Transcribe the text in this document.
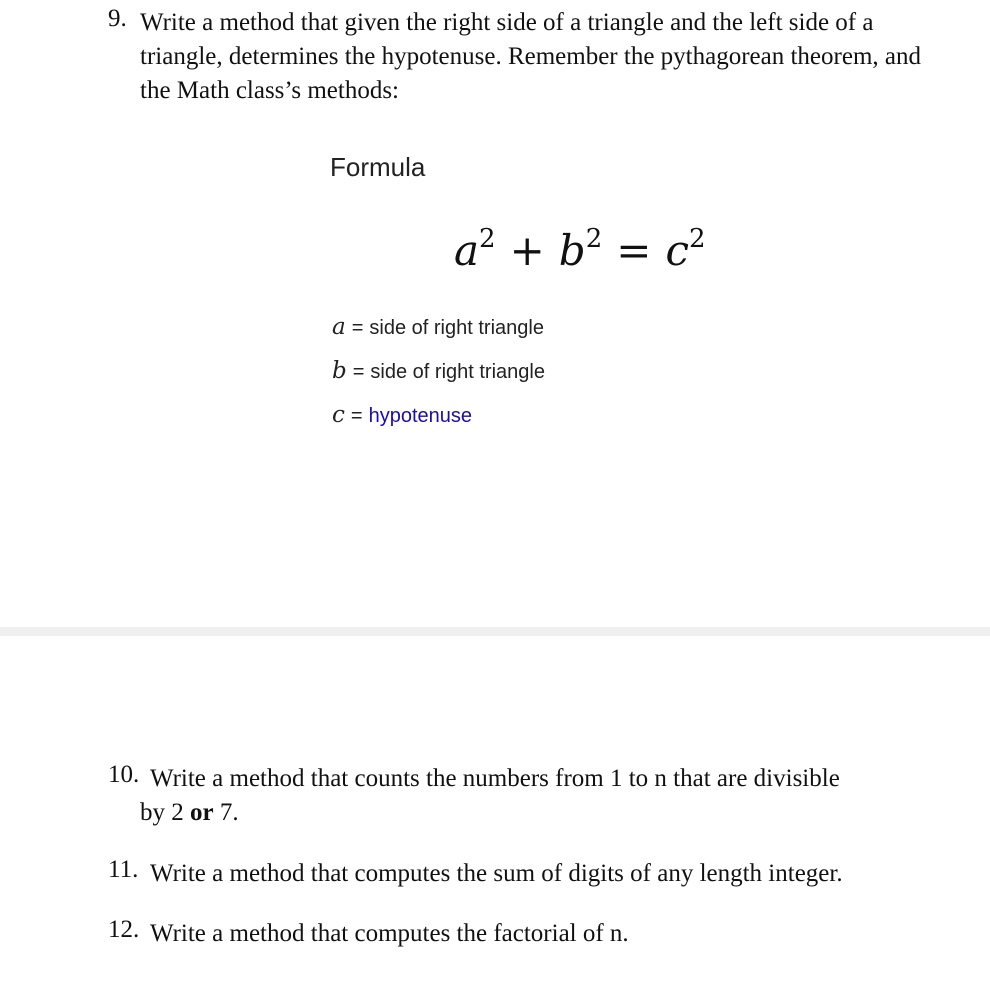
9. Write a method that given the right side of a triangle and the left side of a triangle, determines the hypotenuse. Remember the pythagorean theorem, and the Math class’s methods:
Formula
$a^2 + b^2 = c^2$
a = side of right triangle
b = side of right triangle
c = hypotenuse
10. Write a method that counts the numbers from 1 to n that are divisible
by 2 or 7.
11. Write a method that computes the sum of digits of any length integer.
12. Write a method that computes the factorial of n.
